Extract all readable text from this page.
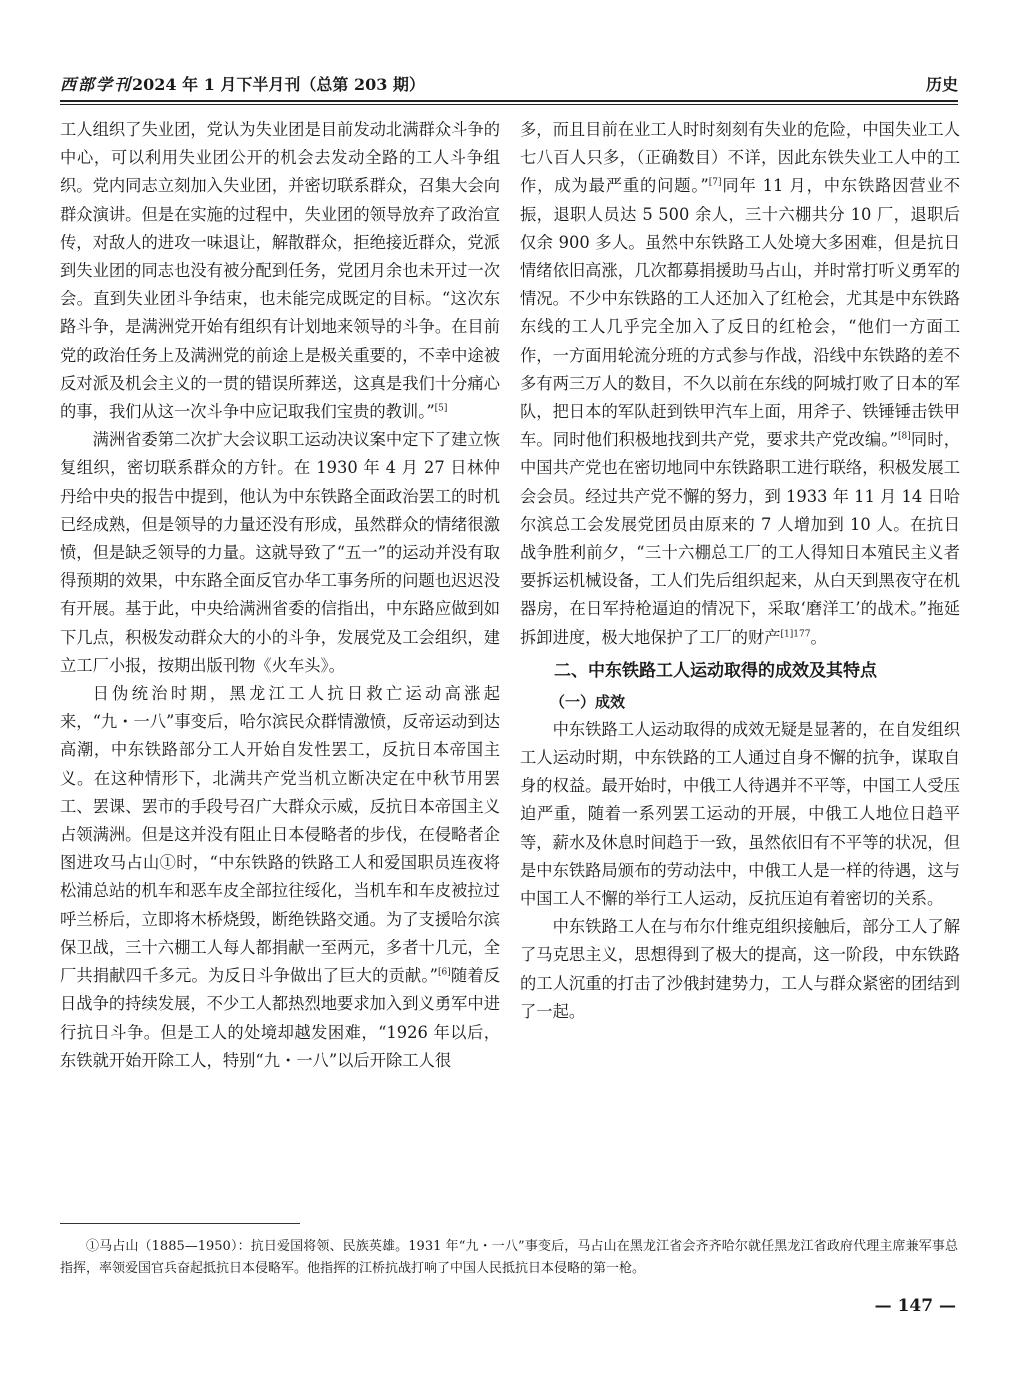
西部学刊2024 年 1 月下半月刊（总第 203 期）	历史

工人组织了失业团，党认为失业团是目前发动北满群众斗争的中心，可以利用失业团公开的机会去发动全路的工人斗争组织。党内同志立刻加入失业团，并密切联系群众，召集大会向群众演讲。但是在实施的过程中，失业团的领导放弃了政治宣传，对敌人的进攻一味退让，解散群众，拒绝接近群众，党派到失业团的同志也没有被分配到任务，党团月余也未开过一次会。直到失业团斗争结束，也未能完成既定的目标。“这次东路斗争，是满洲党开始有组织有计划地来领导的斗争。在目前党的政治任务上及满洲党的前途上是极关重要的，不幸中途被反对派及机会主义的一贯的错误所葬送，这真是我们十分痛心的事，我们从这一次斗争中应记取我们宝贵的教训。”[5]

满洲省委第二次扩大会议职工运动决议案中定下了建立恢复组织，密切联系群众的方针。在 1930 年 4 月 27 日林仲丹给中央的报告中提到，他认为中东铁路全面政治罢工的时机已经成熟，但是领导的力量还没有形成，虽然群众的情绪很激愤，但是缺乏领导的力量。这就导致了“五一”的运动并没有取得预期的效果，中东路全面反官办华工事务所的问题也迟迟没有开展。基于此，中央给满洲省委的信指出，中东路应做到如下几点，积极发动群众大的小的斗争，发展党及工会组织，建立工厂小报，按期出版刊物《火车头》。

日伪统治时期，黑龙江工人抗日救亡运动高涨起来，“九・一八”事变后，哈尔滨民众群情激愤，反帝运动到达高潮，中东铁路部分工人开始自发性罢工，反抗日本帝国主义。在这种情形下，北满共产党当机立断决定在中秋节用罢工、罢课、罢市的手段号召广大群众示威，反抗日本帝国主义占领满洲。但是这并没有阻止日本侵略者的步伐，在侵略者企图进攻马占山①时，“中东铁路的铁路工人和爱国职员连夜将松浦总站的机车和恶车皮全部拉往绥化，当机车和车皮被拉过呼兰桥后，立即将木桥烧毁，断绝铁路交通。为了支援哈尔滨保卫战，三十六棚工人每人都捐献一至两元，多者十几元，全厂共捐献四千多元。为反日斗争做出了巨大的贡献。”[6]随着反日战争的持续发展，不少工人都热烈地要求加入到义勇军中进行抗日斗争。但是工人的处境却越发困难，“1926 年以后，东铁就开始开除工人，特别“九・一八”以后开除工人很

多，而且目前在业工人时时刻刻有失业的危险，中国失业工人七八百人只多，（正确数目）不详，因此东铁失业工人中的工作，成为最严重的问题。”[7]同年 11 月，中东铁路因营业不振，退职人员达 5 500 余人，三十六棚共分 10 厂，退职后仅余 900 多人。虽然中东铁路工人处境大多困难，但是抗日情绪依旧高涨，几次都募捐援助马占山，并时常打听义勇军的情况。不少中东铁路的工人还加入了红枪会，尤其是中东铁路东线的工人几乎完全加入了反日的红枪会，“他们一方面工作，一方面用轮流分班的方式参与作战，沿线中东铁路的差不多有两三万人的数目，不久以前在东线的阿城打败了日本的军队，把日本的军队赶到铁甲汽车上面，用斧子、铁锤锤击铁甲车。同时他们积极地找到共产党，要求共产党改编。”[8]同时，中国共产党也在密切地同中东铁路职工进行联络，积极发展工会会员。经过共产党不懈的努力，到 1933 年 11 月 14 日哈尔滨总工会发展党团员由原来的 7 人增加到 10 人。在抗日战争胜利前夕，“三十六棚总工厂的工人得知日本殖民主义者要拆运机械设备，工人们先后组织起来，从白天到黑夜守在机器房，在日军持枪逼迫的情况下，采取‘磨洋工’的战术。”拖延拆卸进度，极大地保护了工厂的财产$^{[1]177}$。

二、中东铁路工人运动取得的成效及其特点
（一）成效

中东铁路工人运动取得的成效无疑是显著的，在自发组织工人运动时期，中东铁路的工人通过自身不懈的抗争，谋取自身的权益。最开始时，中俄工人待遇并不平等，中国工人受压迫严重，随着一系列罢工运动的开展，中俄工人地位日趋平等，薪水及休息时间趋于一致，虽然依旧有不平等的状况，但是中东铁路局颁布的劳动法中，中俄工人是一样的待遇，这与中国工人不懈的举行工人运动，反抗压迫有着密切的关系。

中东铁路工人在与布尔什维克组织接触后，部分工人了解了马克思主义，思想得到了极大的提高，这一阶段，中东铁路的工人沉重的打击了沙俄封建势力，工人与群众紧密的团结到了一起。

①马占山（1885—1950）：抗日爱国将领、民族英雄。1931 年“九・一八”事变后，马占山在黑龙江省会齐齐哈尔就任黑龙江省政府代理主席兼军事总指挥，率领爱国官兵奋起抵抗日本侵略军。他指挥的江桥抗战打响了中国人民抵抗日本侵略的第一枪。

— 147 —
